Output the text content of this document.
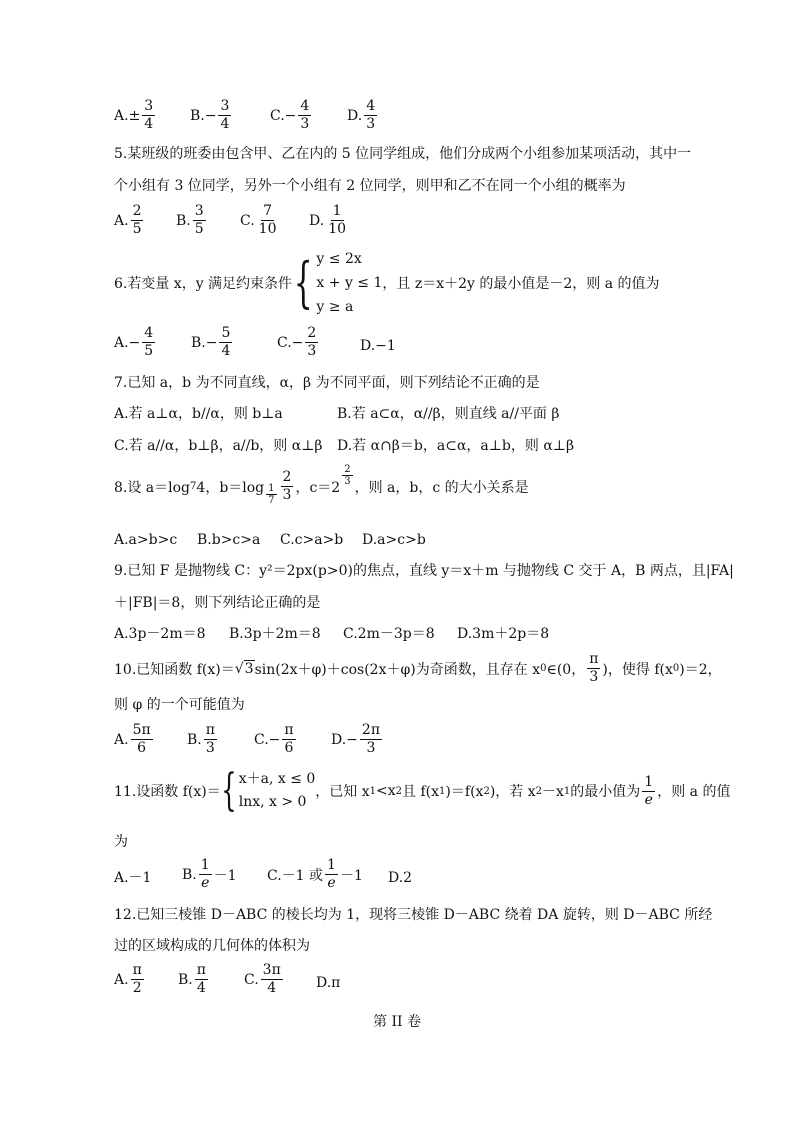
A. ± $\frac{3}{4} B.- \frac{3}{4}$	$C.- \frac{4}{3}$	D. $\frac{4}{3}$
5.某班级的班委由包含甲、乙在内的 5 位同学组成，他们分成两个小组参加某项活动，其中一
个小组有 3 位同学，另外一个小组有 2 位同学，则甲和乙不在同一个小组的概率为
A. $\frac{2}{5} B$. $\frac{3}{5} C$. $\frac{7}{10} D$. $\frac{1}{10}$
6.若变量 x，y 满足约束条件 { y ≤ 2x
x + y ≤ 1
y ≥ a
，且 z＝x＋2y 的最小值是－2，则 a 的值为
$A.- \frac{4}{5}$	$B.- \frac{5}{4}$	$C.- \frac{2}{3}$	D.−1
7.已知 a，b 为不同直线，α，β 为不同平面，则下列结论不正确的是
A.若 a⊥α，b//α，则 b⊥a	B.若 a⊂α，α//β，则直线 a//平面 β
C.若 a//α，b⊥β，a//b，则 α⊥β D.若 α∩β＝b，a⊂α，a⊥b，则 α⊥β
8.设 a＝log 7 4，$b=\log \frac{1}{7} \frac{2}{3}$ ，c＝2
$\frac{2}{3}$
，则 a，b，c 的大小关系是
A.a>b>c B.b>c>a C.c>a>b D.a>c>b
9.已知 F 是抛物线 C：y²＝2px(p>0)的焦点，直线 y＝x＋m 与抛物线 C 交于 A，B 两点，且|FA|
＋|FB|＝8，则下列结论正确的是
A.3p－2m＝8 B.3p＋2m＝8 C.2m－3p＝8 D.3m＋2p＝8
10.已知函数 f(x)＝ √3 sin(2x＋φ)＋cos(2x＋φ)为奇函数，且存在 x 0 ∈(0， $\frac{\pi}{3}$ )，使得 f(x 0 )＝2，
则 φ 的一个可能值为
A. $\frac{5\pi}{6} B$. $\frac{\pi}{3}$	$C.- \frac{\pi}{6}$	$D.- \frac{2\pi}{3}$
11.设函数 f(x)＝ { x＋a, x ≤ 0
lnx, x > 0
，已知 x 1 <x 2 且 f(x 1 )＝f(x 2 )，若 x 2 －x 1 的最小值为 $\frac{1}{e}$ ，则 a 的值
为
A.－1 B. $\frac{1}{e} -1$ C.－1 或 $\frac{1}{e} -1$ D.2
12.已知三棱锥 D－ABC 的棱长均为 1，现将三棱锥 D－ABC 绕着 DA 旋转，则 D－ABC 所经
过的区域构成的几何体的体积为
A. $\frac{\pi}{2} B$. $\frac{\pi}{4}$	C. $\frac{3\pi}{4} D.\pi$
第 II 卷
